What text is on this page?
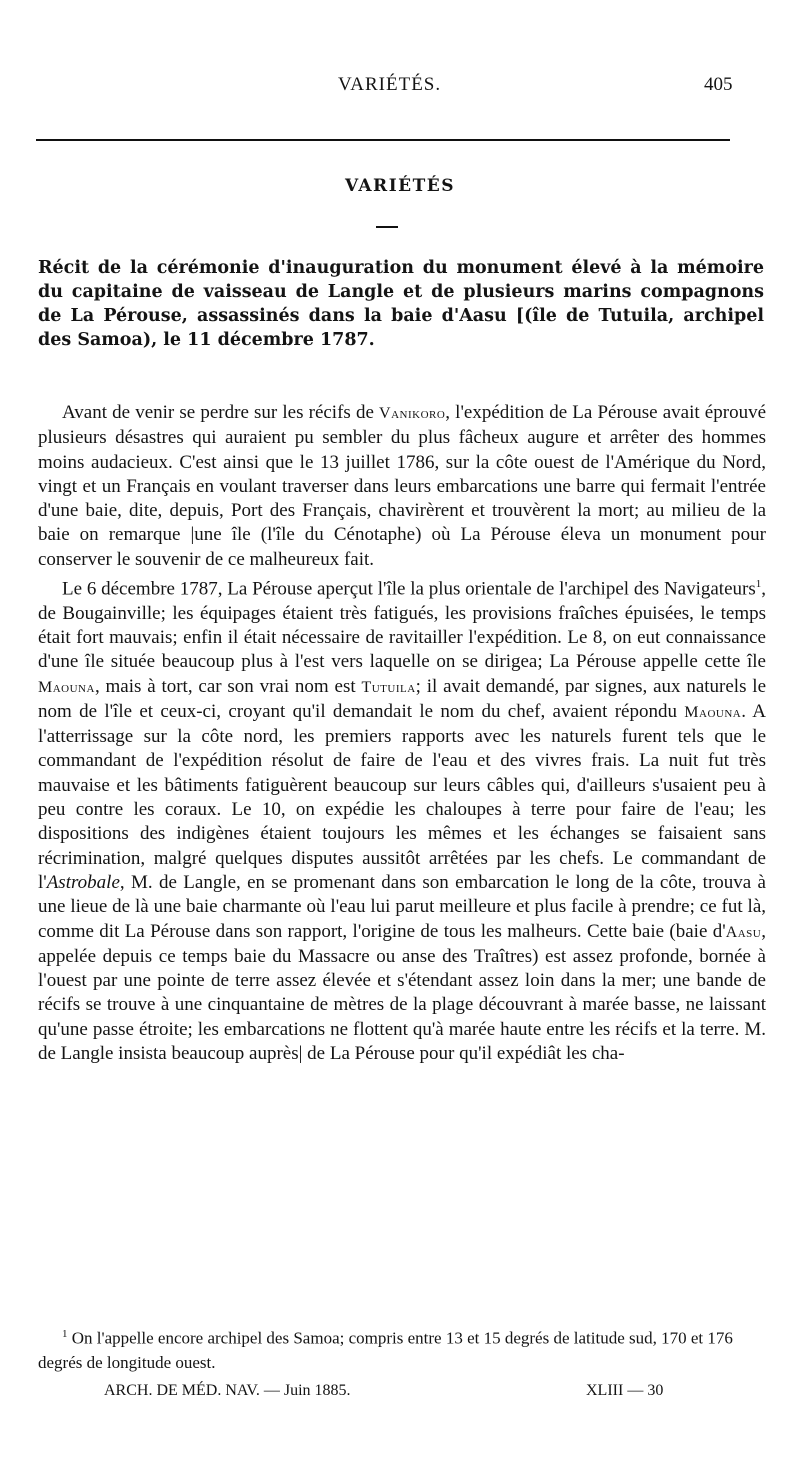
VARIÉTÉS.	405
VARIÉTÉS
Récit de la cérémonie d'inauguration du monument élevé à la mémoire du capitaine de vaisseau de Langle et de plusieurs marins compagnons de La Pérouse, assassinés dans la baie d'Aasu [(île de Tutuila, archipel des Samoa), le 11 décembre 1787.

Avant de venir se perdre sur les récifs de Vanikoro, l'expédition de La Pérouse avait éprouvé plusieurs désastres qui auraient pu sembler du plus fâcheux augure et arrêter des hommes moins audacieux. C'est ainsi que le 13 juillet 1786, sur la côte ouest de l'Amérique du Nord, vingt et un Français en voulant traverser dans leurs embarcations une barre qui fermait l'entrée d'une baie, dite, depuis, Port des Français, chavirèrent et trouvèrent la mort; au milieu de la baie on remarque |une île (l'île du Cénotaphe) où La Pérouse éleva un monument pour conserver le souvenir de ce malheureux fait.

Le 6 décembre 1787, La Pérouse aperçut l'île la plus orientale de l'archipel des Navigateurs$^1$, de Bougainville; les équipages étaient très fatigués, les provisions fraîches épuisées, le temps était fort mauvais; enfin il était nécessaire de ravitailler l'expédition. Le 8, on eut connaissance d'une île située beaucoup plus à l'est vers laquelle on se dirigea; La Pérouse appelle cette île Maouna, mais à tort, car son vrai nom est Tutuila; il avait demandé, par signes, aux naturels le nom de l'île et ceux-ci, croyant qu'il demandait le nom du chef, avaient répondu Maouna. A l'atterrissage sur la côte nord, les premiers rapports avec les naturels furent tels que le commandant de l'expédition résolut de faire de l'eau et des vivres frais. La nuit fut très mauvaise et les bâtiments fatiguèrent beaucoup sur leurs câbles qui, d'ailleurs s'usaient peu à peu contre les coraux. Le 10, on expédie les chaloupes à terre pour faire de l'eau; les dispositions des indigènes étaient toujours les mêmes et les échanges se faisaient sans récrimination, malgré quelques disputes aussitôt arrêtées par les chefs. Le commandant de l'Astrobale, M. de Langle, en se promenant dans son embarcation le long de la côte, trouva à une lieue de là une baie charmante où l'eau lui parut meilleure et plus facile à prendre; ce fut là, comme dit La Pérouse dans son rapport, l'origine de tous les malheurs. Cette baie (baie d'Aasu, appelée depuis ce temps baie du Massacre ou anse des Traîtres) est assez profonde, bornée à l'ouest par une pointe de terre assez élevée et s'étendant assez loin dans la mer; une bande de récifs se trouve à une cinquantaine de mètres de la plage découvrant à marée basse, ne laissant qu'une passe étroite; les embarcations ne flottent qu'à marée haute entre les récifs et la terre. M. de Langle insista beaucoup auprès| de La Pérouse pour qu'il expédiât les cha-

$^1$ On l'appelle encore archipel des Samoa; compris entre 13 et 15 degrés de latitude sud, 170 et 176 degrés de longitude ouest.
ARCH. DE MÉD. NAV. — Juin 1885.	XLIII — 30
